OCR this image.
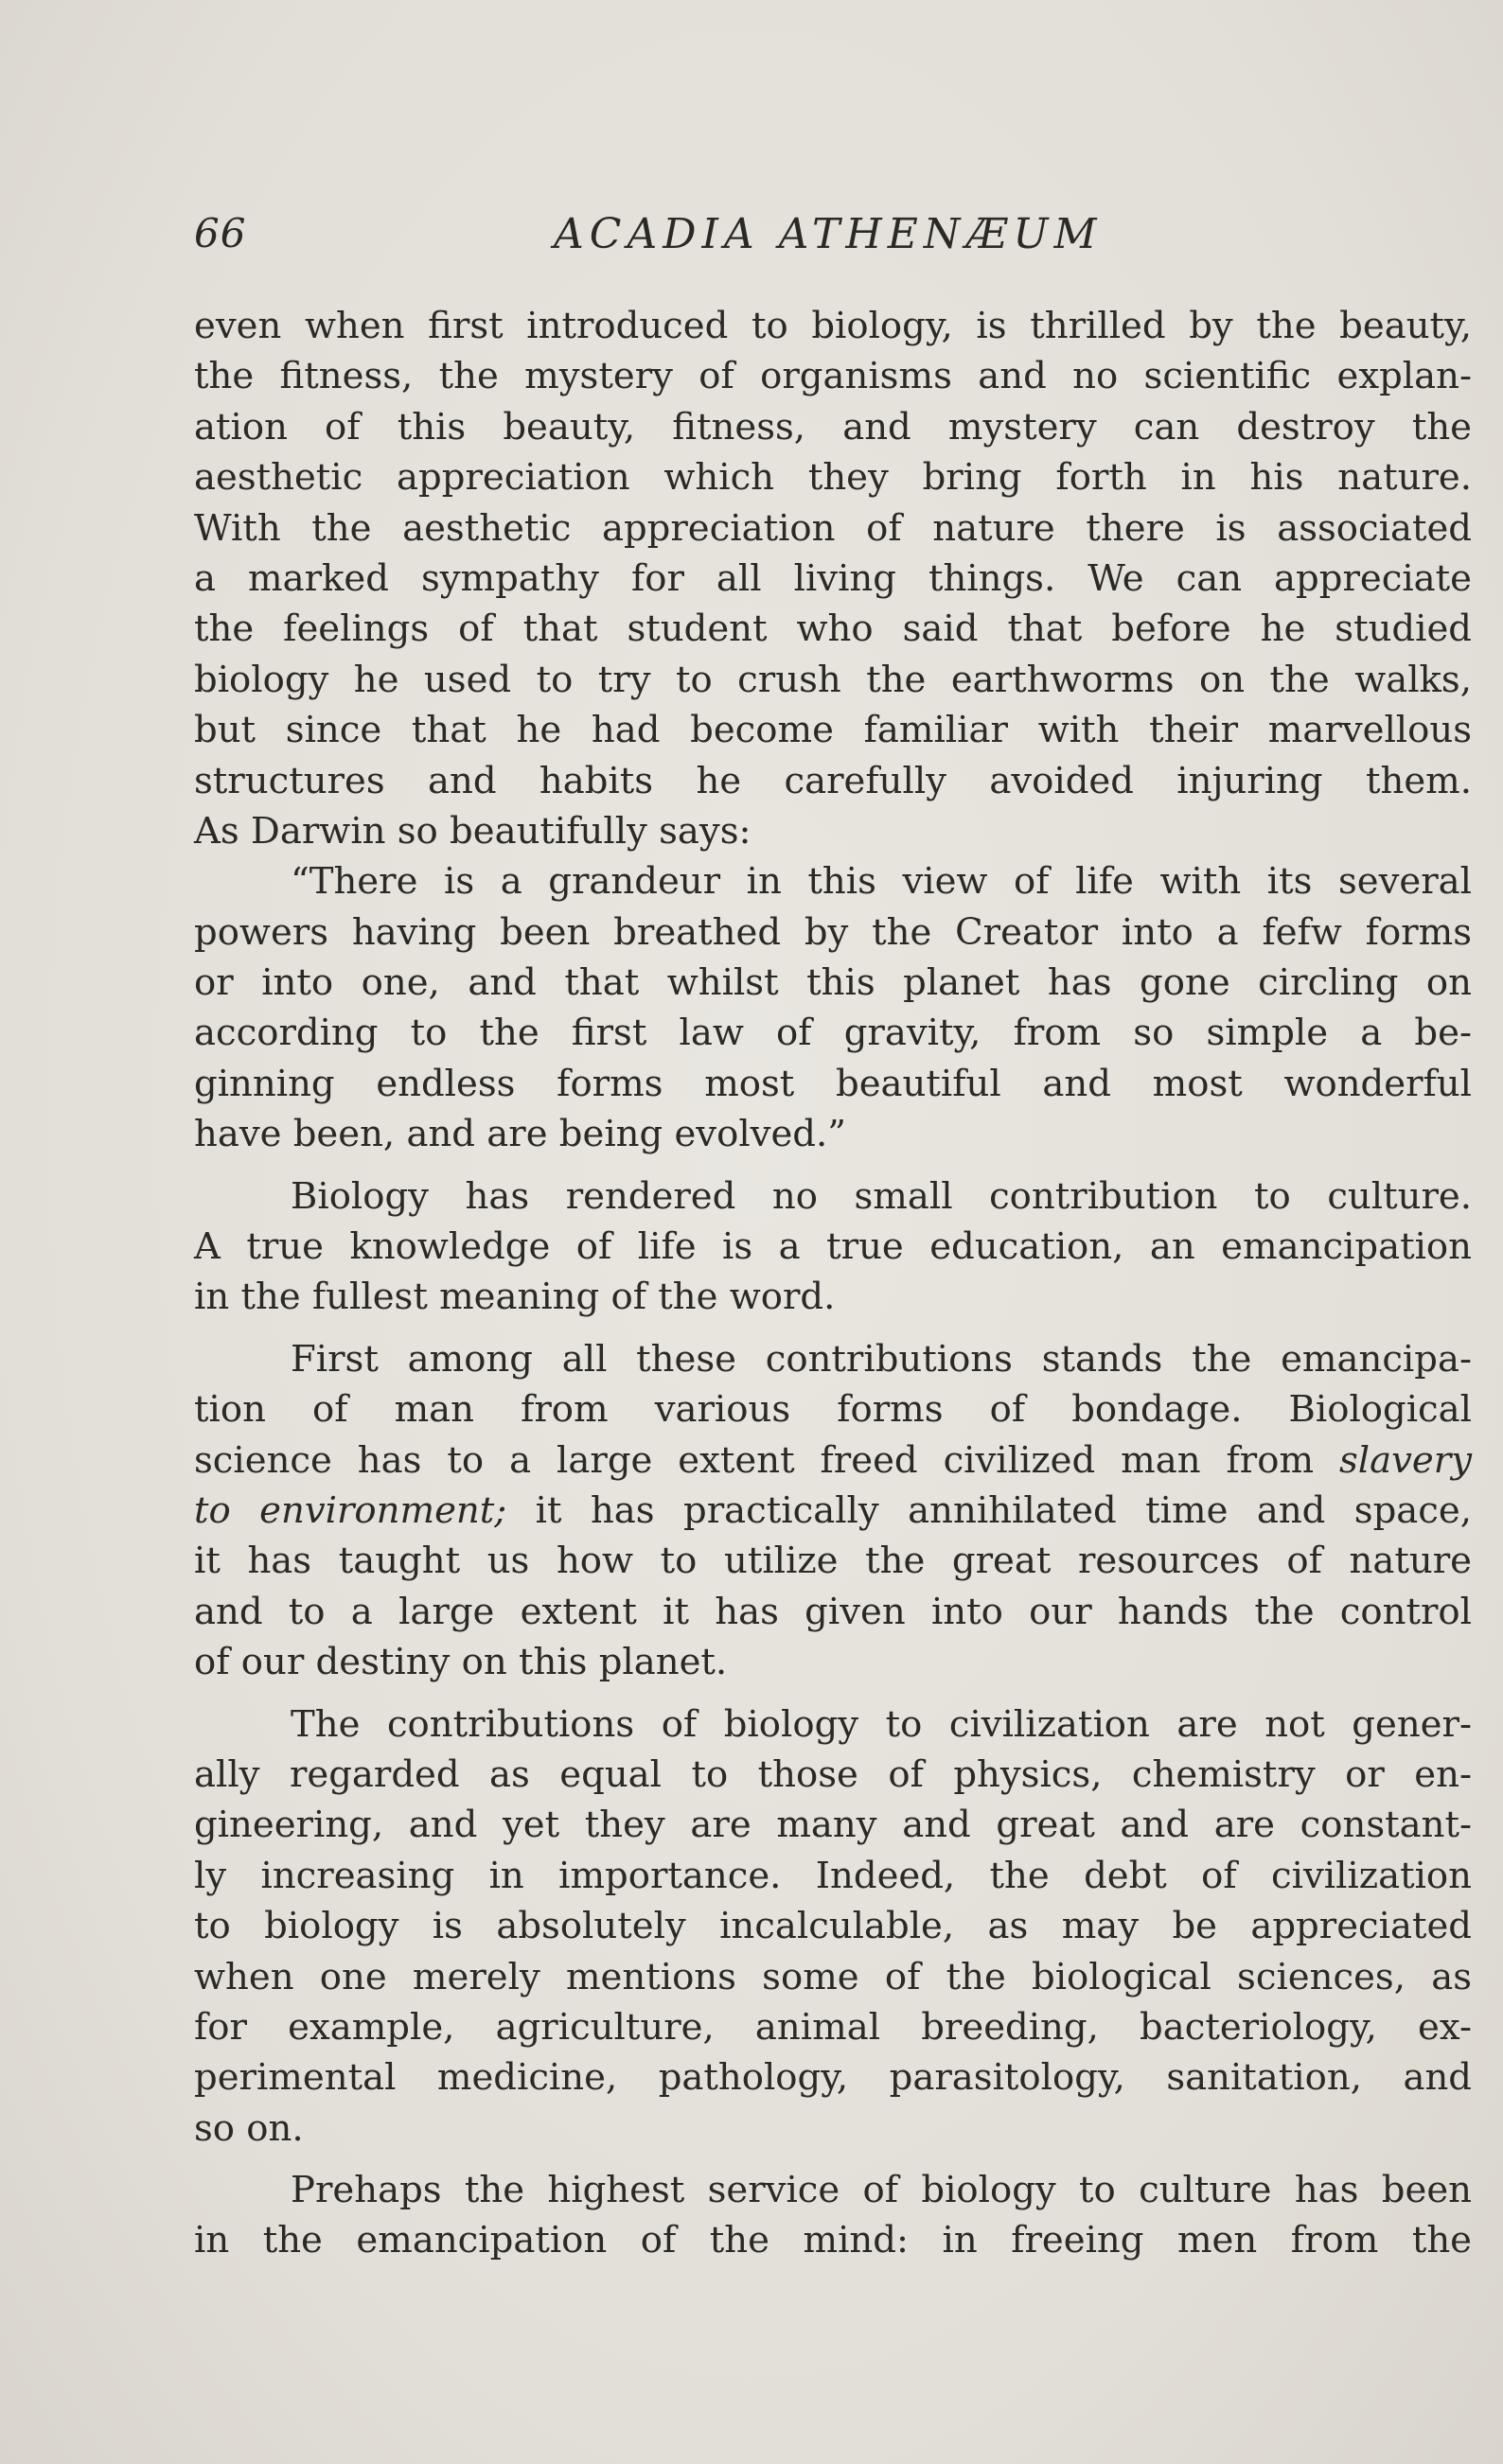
66	ACADIA ATHENÆUM
even when first introduced to biology, is thrilled by the beauty,
the fitness, the mystery of organisms and no scientific explan-
ation of this beauty, fitness, and mystery can destroy the
aesthetic appreciation which they bring forth in his nature.
With the aesthetic appreciation of nature there is associated
a marked sympathy for all living things. We can appreciate
the feelings of that student who said that before he studied
biology he used to try to crush the earthworms on the walks,
but since that he had become familiar with their marvellous
structures and habits he carefully avoided injuring them.
As Darwin so beautifully says:
“There is a grandeur in this view of life with its several
powers having been breathed by the Creator into a fefw forms
or into one, and that whilst this planet has gone circling on
according to the first law of gravity, from so simple a be-
ginning endless forms most beautiful and most wonderful
have been, and are being evolved.”
Biology has rendered no small contribution to culture.
A true knowledge of life is a true education, an emancipation
in the fullest meaning of the word.
First among all these contributions stands the emancipa-
tion of man from various forms of bondage. Biological
science has to a large extent freed civilized man from slavery
to environment; it has practically annihilated time and space,
it has taught us how to utilize the great resources of nature
and to a large extent it has given into our hands the control
of our destiny on this planet.
The contributions of biology to civilization are not gener-
ally regarded as equal to those of physics, chemistry or en-
gineering, and yet they are many and great and are constant-
ly increasing in importance. Indeed, the debt of civilization
to biology is absolutely incalculable, as may be appreciated
when one merely mentions some of the biological sciences, as
for example, agriculture, animal breeding, bacteriology, ex-
perimental medicine, pathology, parasitology, sanitation, and
so on.
Prehaps the highest service of biology to culture has been
in the emancipation of the mind: in freeing men from the
